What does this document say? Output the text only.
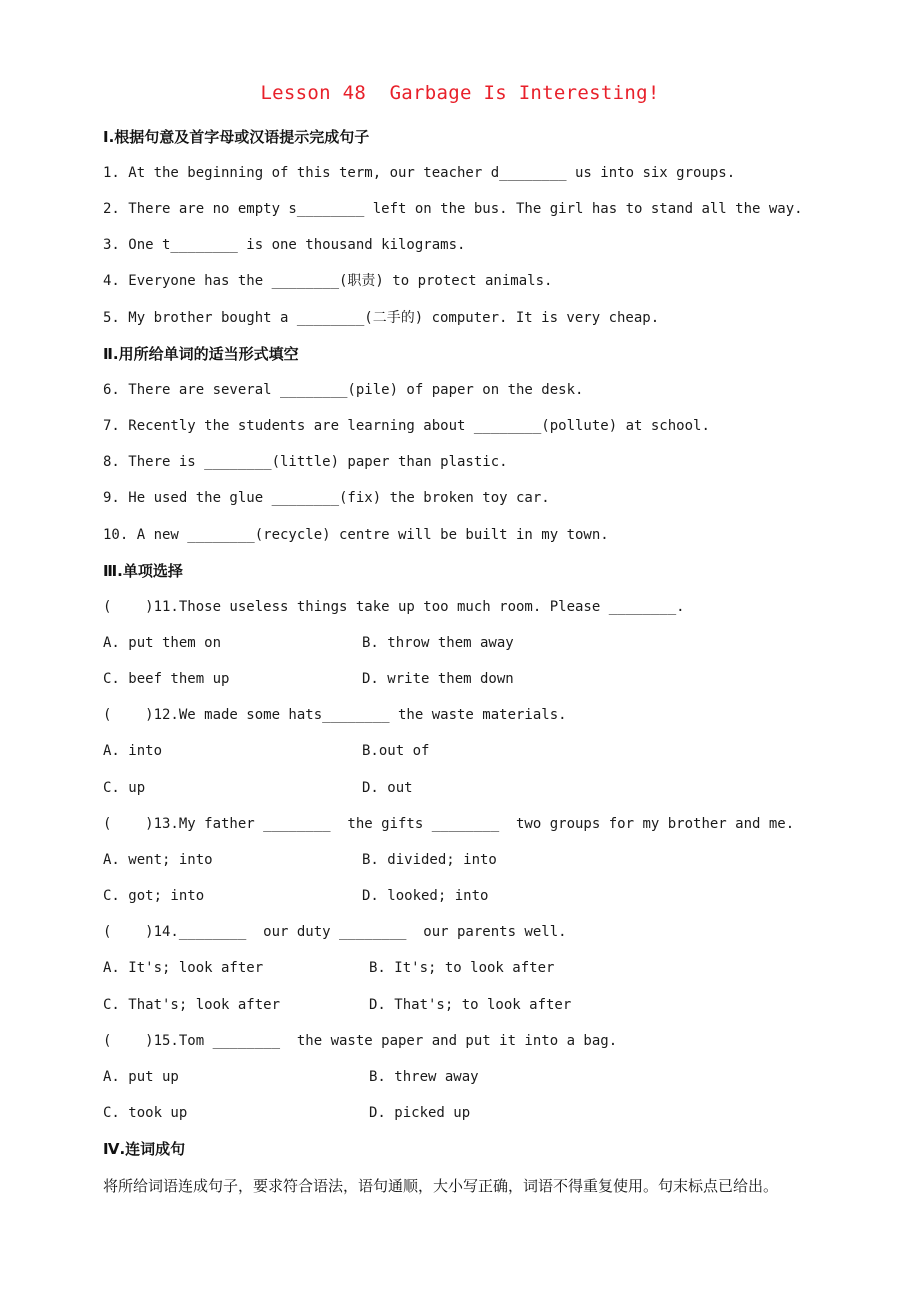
Lesson 48  Garbage Is Interesting!
Ⅰ.根据句意及首字母或汉语提示完成句子
1. At the beginning of this term, our teacher d________ us into six groups.
2. There are no empty s________ left on the bus. The girl has to stand all the way.
3. One t________ is one thousand kilograms.
4. Everyone has the ________(职责) to protect animals.
5. My brother bought a ________(二手的) computer. It is very cheap.
Ⅱ.用所给单词的适当形式填空
6. There are several ________(pile) of paper on the desk.
7. Recently the students are learning about ________(pollute) at school.
8. There is ________(little) paper than plastic.
9. He used the glue ________(fix) the broken toy car.
10. A new ________(recycle) centre will be built in my town.
Ⅲ.单项选择
(    )11.Those useless things take up too much room. Please ________.
A. put them on	B. throw them away
C. beef them up	D. write them down
(    )12.We made some hats________ the waste materials.
A. into	B.out of
C. up	D. out
(    )13.My father ________  the gifts ________  two groups for my brother and me.
A. went; into	B. divided; into
C. got; into	D. looked; into
(    )14.________  our duty ________  our parents well.
A. It's; look after	B. It's; to look after
C. That's; look after	D. That's; to look after
(    )15.Tom ________  the waste paper and put it into a bag.
A. put up	B. threw away
C. took up	D. picked up
Ⅳ.连词成句
将所给词语连成句子，要求符合语法，语句通顺，大小写正确，词语不得重复使用。句末标点已给出。
